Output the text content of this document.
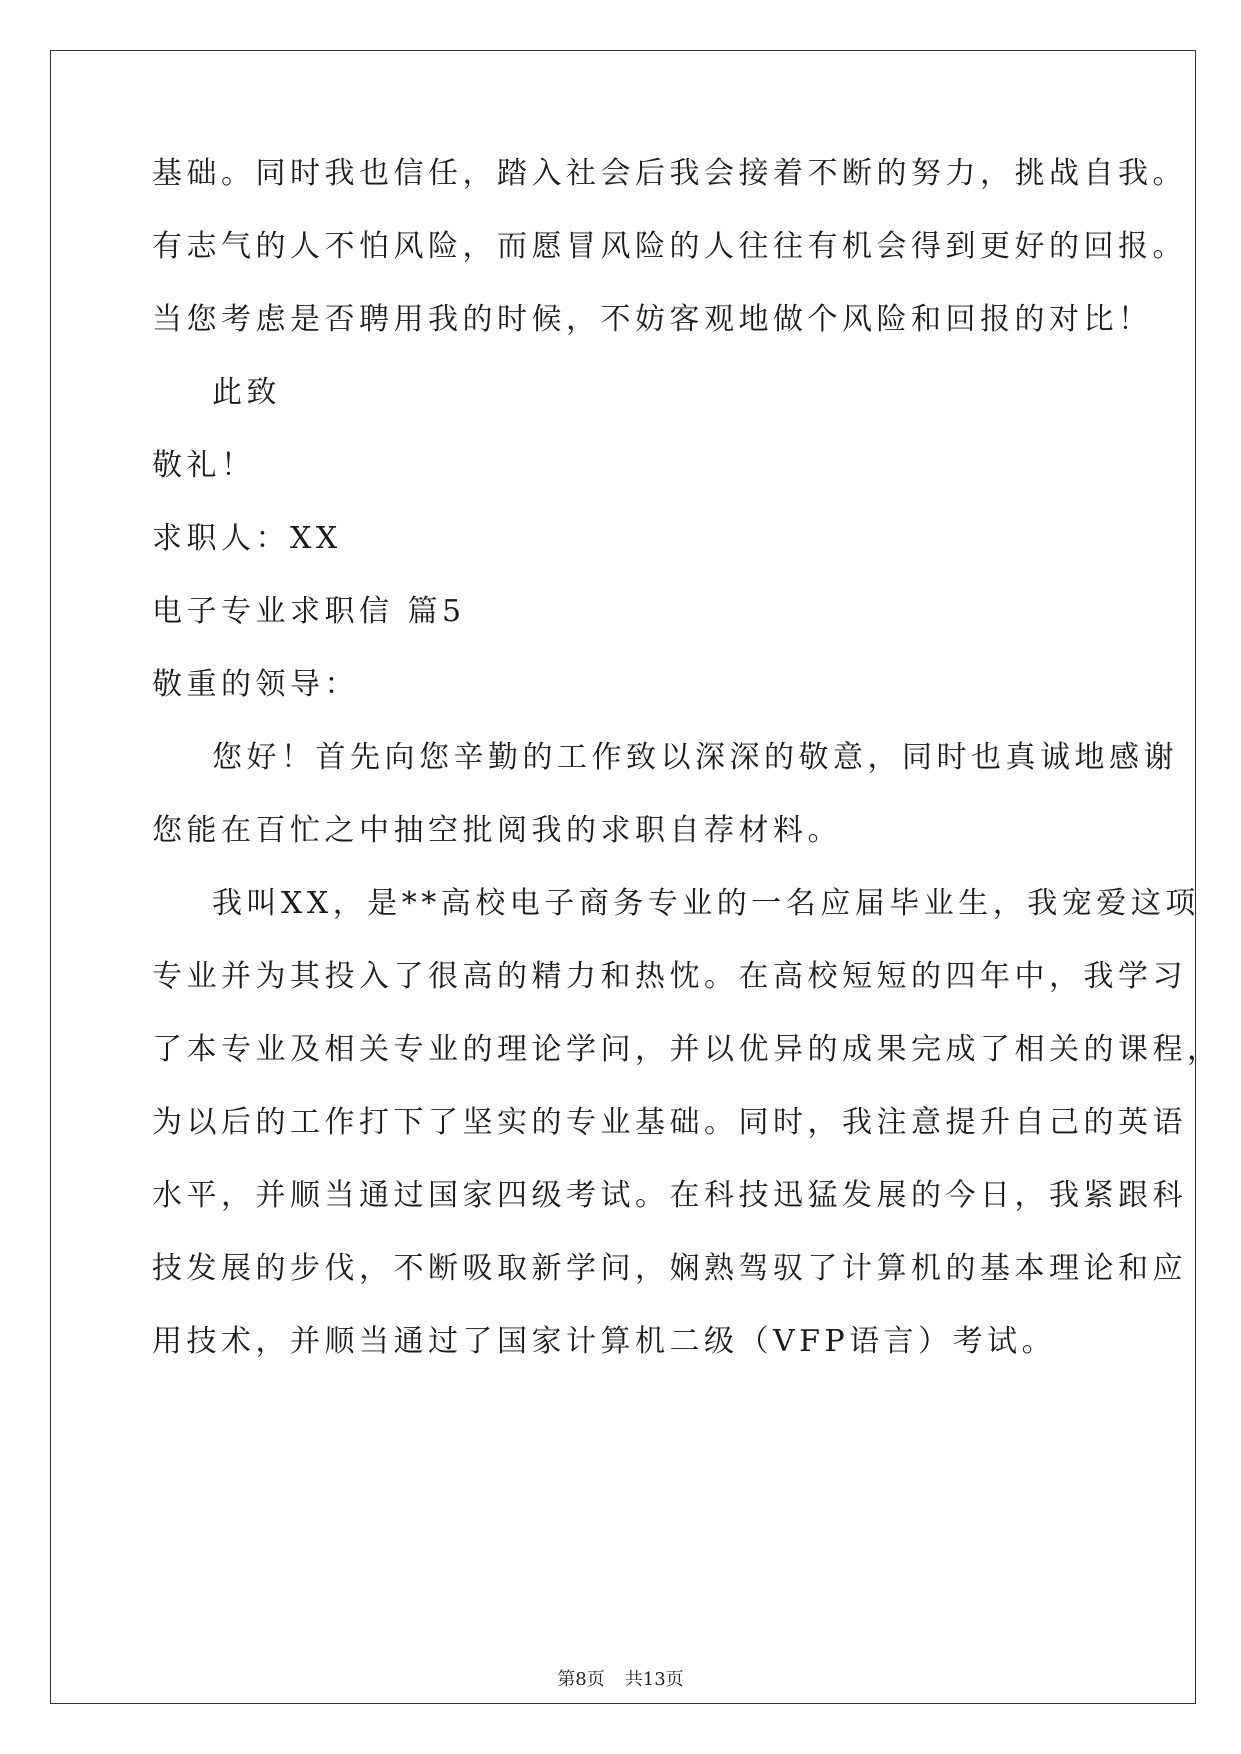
基础。同时我也信任，踏入社会后我会接着不断的努力，挑战自我。
有志气的人不怕风险，而愿冒风险的人往往有机会得到更好的回报。
当您考虑是否聘用我的时候，不妨客观地做个风险和回报的对比！
此致
敬礼！
求职人：XX
电子专业求职信 篇5
敬重的领导：
您好！首先向您辛勤的工作致以深深的敬意，同时也真诚地感谢
您能在百忙之中抽空批阅我的求职自荐材料。
我叫XX，是**高校电子商务专业的一名应届毕业生，我宠爱这项
专业并为其投入了很高的精力和热忱。在高校短短的四年中，我学习
了本专业及相关专业的理论学问，并以优异的成果完成了相关的课程，
为以后的工作打下了坚实的专业基础。同时，我注意提升自己的英语
水平，并顺当通过国家四级考试。在科技迅猛发展的今日，我紧跟科
技发展的步伐，不断吸取新学问，娴熟驾驭了计算机的基本理论和应
用技术，并顺当通过了国家计算机二级（VFP语言）考试。
第8页 共13页
